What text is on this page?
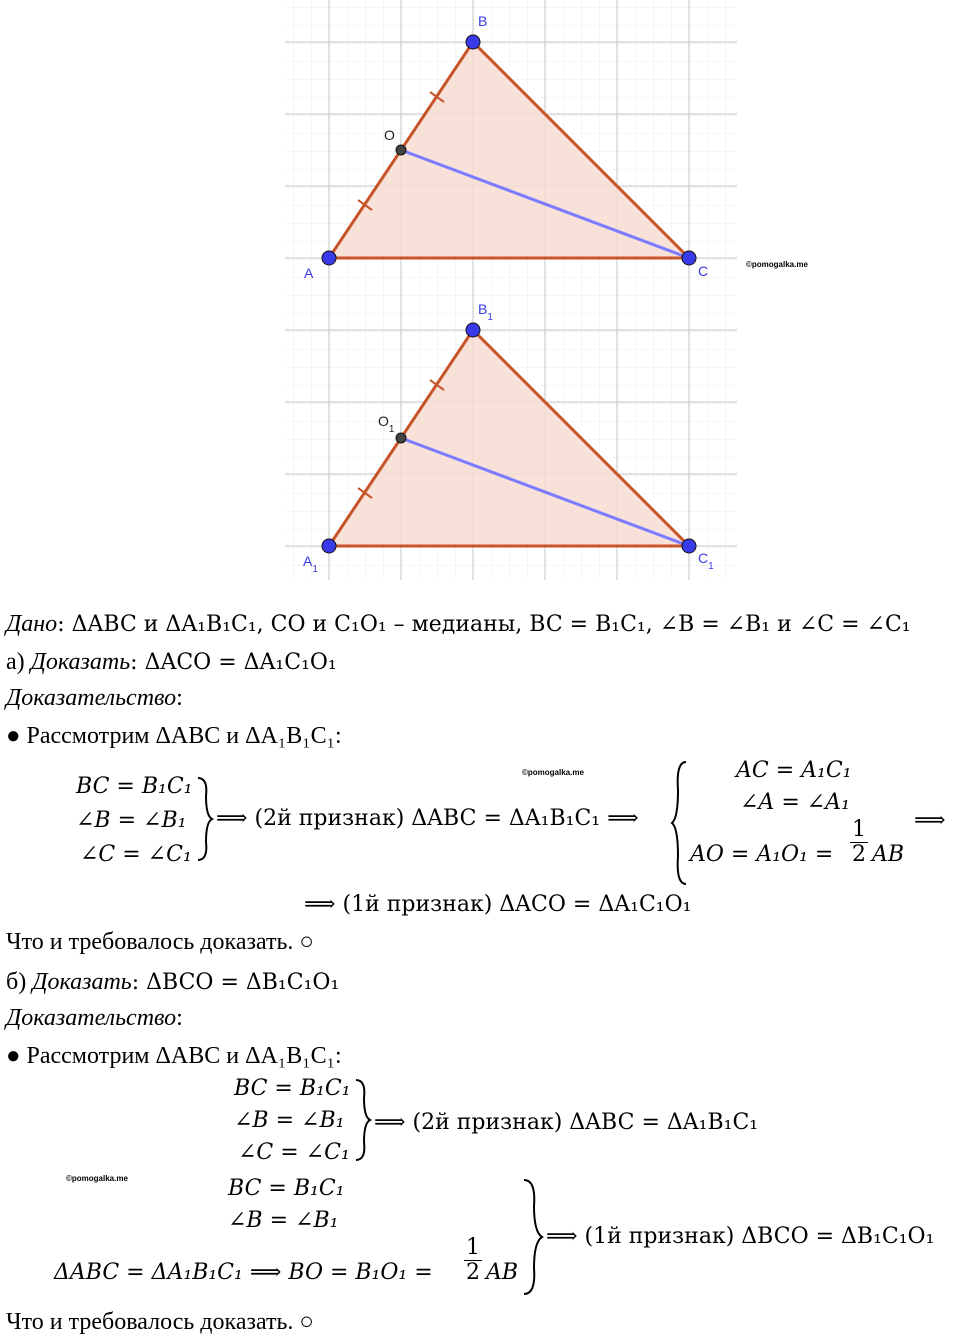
A
B
C
O
©pomogalka.me
$A_1$
$B_1$
$C_1$
$O_1$
Дано: ΔABC и ΔA₁B₁C₁, CO и C₁O₁ – медианы, BC = B₁C₁, ∠B = ∠B₁ и ∠C = ∠C₁
а) Доказать: ΔACO = ΔA₁C₁O₁
Доказательство:
● Рассмотрим ΔABC и ΔA₁B₁C₁:
BC = B₁C₁
∠B = ∠B₁
∠C = ∠C₁
⟹ (2й признак) ΔABC = ΔA₁B₁C₁ ⟹
AC = A₁C₁
∠A = ∠A₁
AO = A₁O₁ =
1
2 AB
⟹
©pomogalka.me
⟹ (1й признак) ΔACO = ΔA₁C₁O₁
Что и требовалось доказать. ○
б) Доказать: ΔBCO = ΔB₁C₁O₁
Доказательство:
● Рассмотрим ΔABC и ΔA₁B₁C₁:
BC = B₁C₁
∠B = ∠B₁
∠C = ∠C₁
⟹ (2й признак) ΔABC = ΔA₁B₁C₁
©pomogalka.me	BC = B₁C₁
∠B = ∠B₁
ΔABC = ΔA₁B₁C₁ ⟹ BO = B₁O₁ =
1
2 AB
⟹ (1й признак) ΔBCO = ΔB₁C₁O₁
Что и требовалось доказать. ○
